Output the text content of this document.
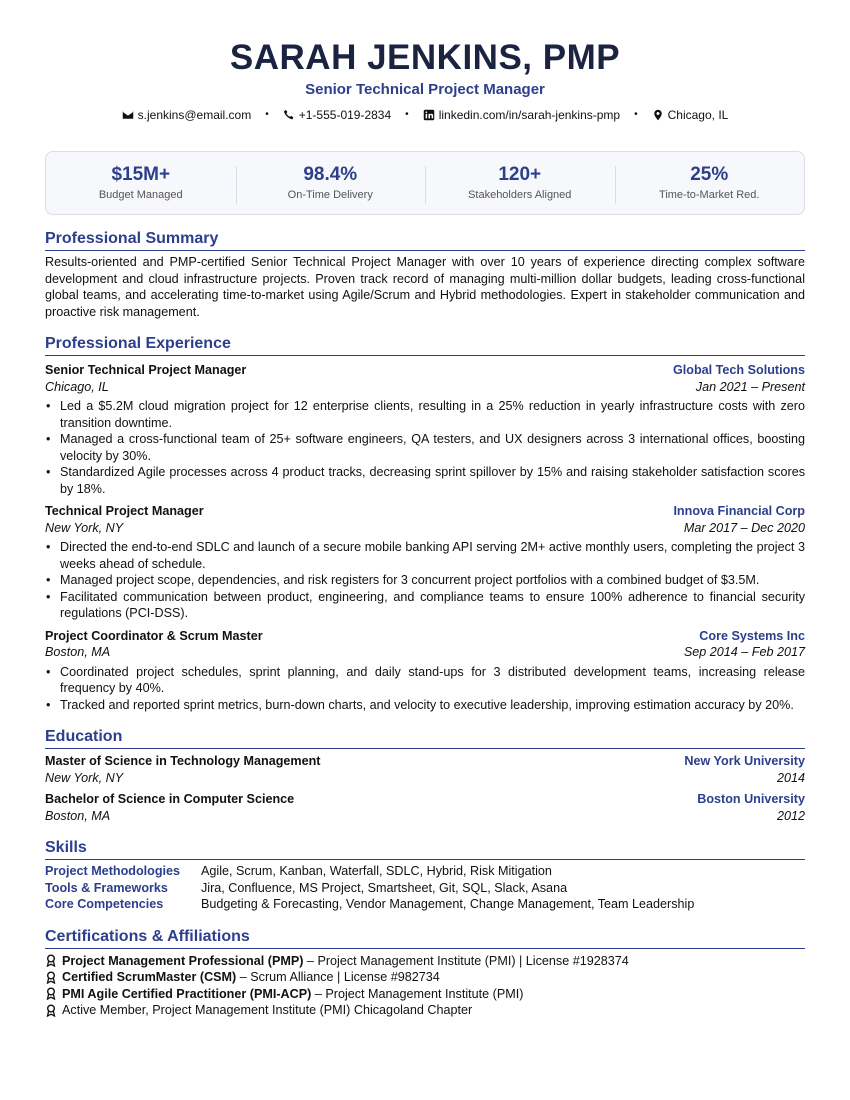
SARAH JENKINS, PMP
Senior Technical Project Manager
s.jenkins@email.com •	+1-555-019-2834 •	linkedin.com/in/sarah-jenkins-pmp •	Chicago, IL
$15M+
Budget Managed
98.4%
On-Time Delivery
120+
Stakeholders Aligned
25%
Time-to-Market Red.
Professional Summary
Results-oriented and PMP-certified Senior Technical Project Manager with over 10 years of experience directing complex software development and cloud infrastructure projects. Proven track record of managing multi-million dollar budgets, leading cross-functional global teams, and accelerating time-to-market using Agile/Scrum and Hybrid methodologies. Expert in stakeholder communication and proactive risk management.
Professional Experience
Senior Technical Project Manager	Global Tech Solutions
Chicago, IL	Jan 2021 – Present
• Led a $5.2M cloud migration project for 12 enterprise clients, resulting in a 25% reduction in yearly infrastructure costs with zero transition downtime.
• Managed a cross-functional team of 25+ software engineers, QA testers, and UX designers across 3 international offices, boosting velocity by 30%.
• Standardized Agile processes across 4 product tracks, decreasing sprint spillover by 15% and raising stakeholder satisfaction scores by 18%.
Technical Project Manager	Innova Financial Corp
New York, NY	Mar 2017 – Dec 2020
• Directed the end-to-end SDLC and launch of a secure mobile banking API serving 2M+ active monthly users, completing the project 3 weeks ahead of schedule.
• Managed project scope, dependencies, and risk registers for 3 concurrent project portfolios with a combined budget of $3.5M.
• Facilitated communication between product, engineering, and compliance teams to ensure 100% adherence to financial security regulations (PCI-DSS).
Project Coordinator & Scrum Master	Core Systems Inc
Boston, MA	Sep 2014 – Feb 2017
• Coordinated project schedules, sprint planning, and daily stand-ups for 3 distributed development teams, increasing release frequency by 40%.
• Tracked and reported sprint metrics, burn-down charts, and velocity to executive leadership, improving estimation accuracy by 20%.
Education
Master of Science in Technology Management	New York University
New York, NY	2014
Bachelor of Science in Computer Science	Boston University
Boston, MA	2012
Skills
Project Methodologies	Agile, Scrum, Kanban, Waterfall, SDLC, Hybrid, Risk Mitigation
Tools & Frameworks	Jira, Confluence, MS Project, Smartsheet, Git, SQL, Slack, Asana
Core Competencies	Budgeting & Forecasting, Vendor Management, Change Management, Team Leadership
Certifications & Affiliations
Project Management Professional (PMP) – Project Management Institute (PMI) | License #1928374
Certified ScrumMaster (CSM) – Scrum Alliance | License #982734
PMI Agile Certified Practitioner (PMI-ACP) – Project Management Institute (PMI)
Active Member, Project Management Institute (PMI) Chicagoland Chapter
